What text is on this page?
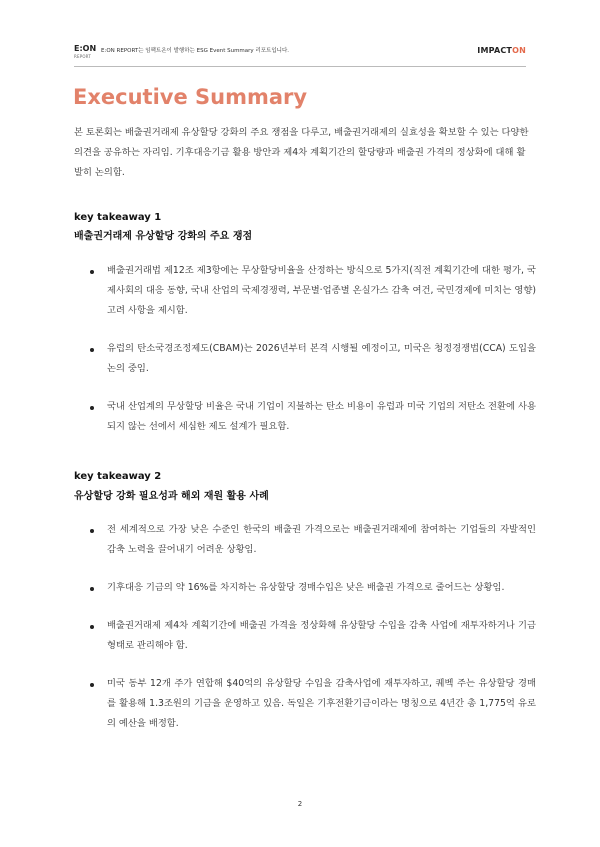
E:ON
REPORT
E:ON REPORT는 임팩트온이 발행하는 ESG Event Summary 리포트입니다.	IMPACTON
Executive Summary
본 토론회는 배출권거래제 유상할당 강화의 주요 쟁점을 다루고, 배출권거래제의 실효성을 확보할 수 있는 다양한 의견을 공유하는 자리임. 기후대응기금 활용 방안과 제4차 계획기간의 할당량과 배출권 가격의 정상화에 대해 활발히 논의함.
key takeaway 1
배출권거래제 유상할당 강화의 주요 쟁점
배출권거래법 제12조 제3항에는 무상할당비율을 산정하는 방식으로 5가지(직전 계획기간에 대한 평가, 국제사회의 대응 동향, 국내 산업의 국제경쟁력, 부문별·업종별 온실가스 감축 여건, 국민경제에 미치는 영향) 고려 사항을 제시함.
유럽의 탄소국경조정제도(CBAM)는 2026년부터 본격 시행될 예정이고, 미국은 청정경쟁법(CCA) 도입을 논의 중임.
국내 산업계의 무상할당 비율은 국내 기업이 지불하는 탄소 비용이 유럽과 미국 기업의 저탄소 전환에 사용되지 않는 선에서 세심한 제도 설계가 필요함.
key takeaway 2
유상할당 강화 필요성과 해외 재원 활용 사례
전 세계적으로 가장 낮은 수준인 한국의 배출권 가격으로는 배출권거래제에 참여하는 기업들의 자발적인 감축 노력을 끌어내기 어려운 상황임.
기후대응 기금의 약 16%를 차지하는 유상할당 경매수입은 낮은 배출권 가격으로 줄어드는 상황임.
배출권거래제 제4차 계획기간에 배출권 가격을 정상화해 유상할당 수입을 감축 사업에 재투자하거나 기금 형태로 관리해야 함.
미국 동부 12개 주가 연합해 $40억의 유상할당 수입을 감축사업에 재투자하고, 퀘벡 주는 유상할당 경매를 활용해 1.3조원의 기금을 운영하고 있음. 독일은 기후전환기금이라는 명칭으로 4년간 총 1,775억 유로의 예산을 배정함.
2
